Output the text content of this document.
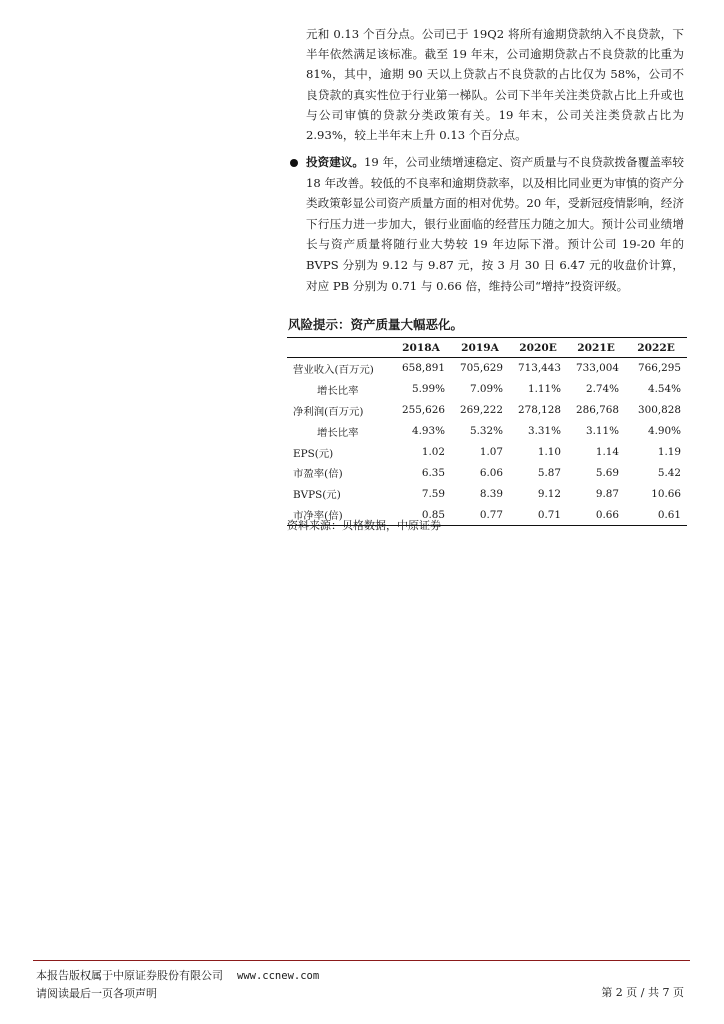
元和 0.13 个百分点。公司已于 19Q2 将所有逾期贷款纳入不良贷款，下半年依然满足该标准。截至 19 年末，公司逾期贷款占不良贷款的比重为 81%，其中，逾期 90 天以上贷款占不良贷款的占比仅为 58%，公司不良贷款的真实性位于行业第一梯队。公司下半年关注类贷款占比上升或也与公司审慎的贷款分类政策有关。19 年末，公司关注类贷款占比为 2.93%，较上半年末上升 0.13 个百分点。

投资建议。19 年，公司业绩增速稳定、资产质量与不良贷款拨备覆盖率较 18 年改善。较低的不良率和逾期贷款率，以及相比同业更为审慎的资产分类政策彰显公司资产质量方面的相对优势。20 年，受新冠疫情影响，经济下行压力进一步加大，银行业面临的经营压力随之加大。预计公司业绩增长与资产质量将随行业大势较 19 年边际下滑。预计公司 19-20 年的 BVPS 分别为 9.12 与 9.87 元，按 3 月 30 日 6.47 元的收盘价计算，对应 PB 分别为 0.71 与 0.66 倍，维持公司“增持”投资评级。
风险提示：资产质量大幅恶化。
	2018A	2019A	2020E	2021E	2022E
营业收入(百万元)	658,891	705,629	713,443	733,004	766,295
增长比率	5.99%	7.09%	1.11%	2.74%	4.54%
净利润(百万元)	255,626	269,222	278,128	286,768	300,828
增长比率	4.93%	5.32%	3.31%	3.11%	4.90%
EPS(元)	1.02	1.07	1.10	1.14	1.19
市盈率(倍)	6.35	6.06	5.87	5.69	5.42
BVPS(元)	7.59	8.39	9.12	9.87	10.66
市净率(倍)	0.85	0.77	0.71	0.66	0.61
资料来源：贝格数据，中原证券
本报告版权属于中原证券股份有限公司 www.ccnew.com
请阅读最后一页各项声明	第 2 页 / 共 7 页
